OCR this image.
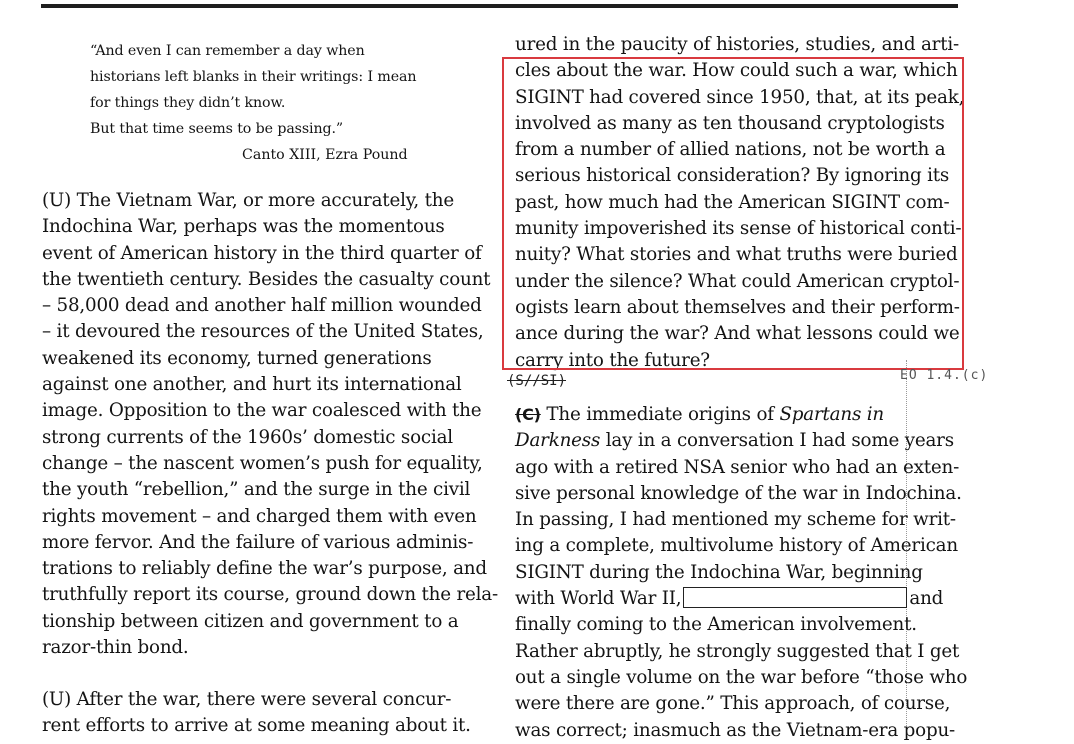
“And even I can remember a day when
historians left blanks in their writings: I mean
for things they didn’t know.
But that time seems to be passing.”
Canto XIII, Ezra Pound
(U) The Vietnam War, or more accurately, the
Indochina War, perhaps was the momentous
event of American history in the third quarter of
the twentieth century. Besides the casualty count
– 58,000 dead and another half million wounded
– it devoured the resources of the United States,
weakened its economy, turned generations
against one another, and hurt its international
image. Opposition to the war coalesced with the
strong currents of the 1960s’ domestic social
change – the nascent women’s push for equality,
the youth “rebellion,” and the surge in the civil
rights movement – and charged them with even
more fervor. And the failure of various adminis-
trations to reliably define the war’s purpose, and
truthfully report its course, ground down the rela-
tionship between citizen and government to a
razor-thin bond.
(U) After the war, there were several concur-
rent efforts to arrive at some meaning about it.
ured in the paucity of histories, studies, and arti-
cles about the war. How could such a war, which
SIGINT had covered since 1950, that, at its peak,
involved as many as ten thousand cryptologists
from a number of allied nations, not be worth a
serious historical consideration? By ignoring its
past, how much had the American SIGINT com-
munity impoverished its sense of historical conti-
nuity? What stories and what truths were buried
under the silence? What could American cryptol-
ogists learn about themselves and their perform-
ance during the war? And what lessons could we
carry into the future?
(S//SI)	EO 1.4.(c)
(C) The immediate origins of Spartans in
Darkness lay in a conversation I had some years
ago with a retired NSA senior who had an exten-
sive personal knowledge of the war in Indochina.
In passing, I had mentioned my scheme for writ-
ing a complete, multivolume history of American
SIGINT during the Indochina War, beginning
with World War II,	and
finally coming to the American involvement.
Rather abruptly, he strongly suggested that I get
out a single volume on the war before “those who
were there are gone.” This approach, of course,
was correct; inasmuch as the Vietnam-era popu-
